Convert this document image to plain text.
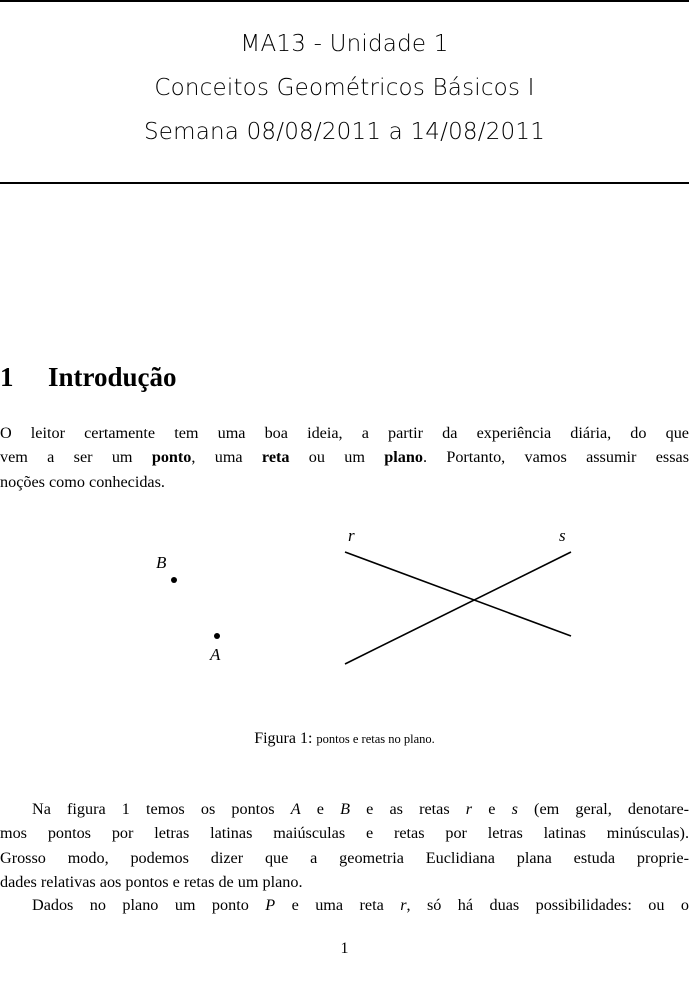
MA13 - Unidade 1
Conceitos Geométricos Básicos I
Semana 08/08/2011 a 14/08/2011
1 Introdução
O leitor certamente tem uma boa ideia, a partir da experiência diária, do que
vem a ser um ponto, uma reta ou um plano. Portanto, vamos assumir essas
noções como conhecidas.
B
A
r	s
Figura 1: pontos e retas no plano.
Na figura 1 temos os pontos A e B e as retas r e s (em geral, denotare-
mos pontos por letras latinas maiúsculas e retas por letras latinas minúsculas).
Grosso modo, podemos dizer que a geometria Euclidiana plana estuda proprie-
dades relativas aos pontos e retas de um plano.
Dados no plano um ponto P e uma reta r, só há duas possibilidades: ou o
1
